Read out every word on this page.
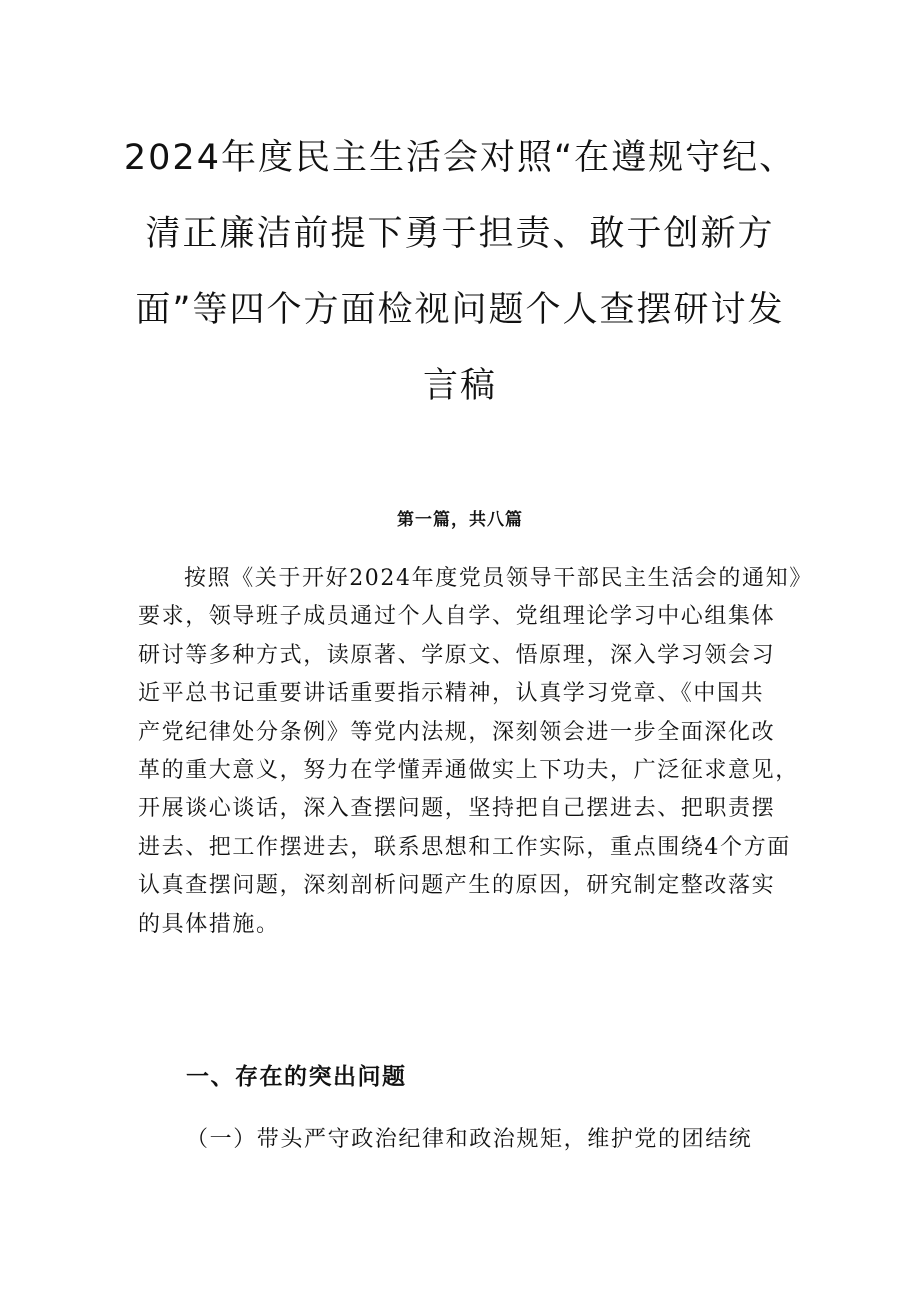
2024年度民主生活会对照“在遵规守纪、
清正廉洁前提下勇于担责、敢于创新方
面”等四个方面检视问题个人查摆研讨发
言稿
第一篇，共八篇
按照《关于开好2024年度党员领导干部民主生活会的通知》
要求，领导班子成员通过个人自学、党组理论学习中心组集体
研讨等多种方式，读原著、学原文、悟原理，深入学习领会习
近平总书记重要讲话重要指示精神，认真学习党章、《中国共
产党纪律处分条例》等党内法规，深刻领会进一步全面深化改
革的重大意义，努力在学懂弄通做实上下功夫，广泛征求意见，
开展谈心谈话，深入查摆问题，坚持把自己摆进去、把职责摆
进去、把工作摆进去，联系思想和工作实际，重点围绕4个方面
认真查摆问题，深刻剖析问题产生的原因，研究制定整改落实
的具体措施。
一、存在的突出问题
（一）带头严守政治纪律和政治规矩，维护党的团结统
